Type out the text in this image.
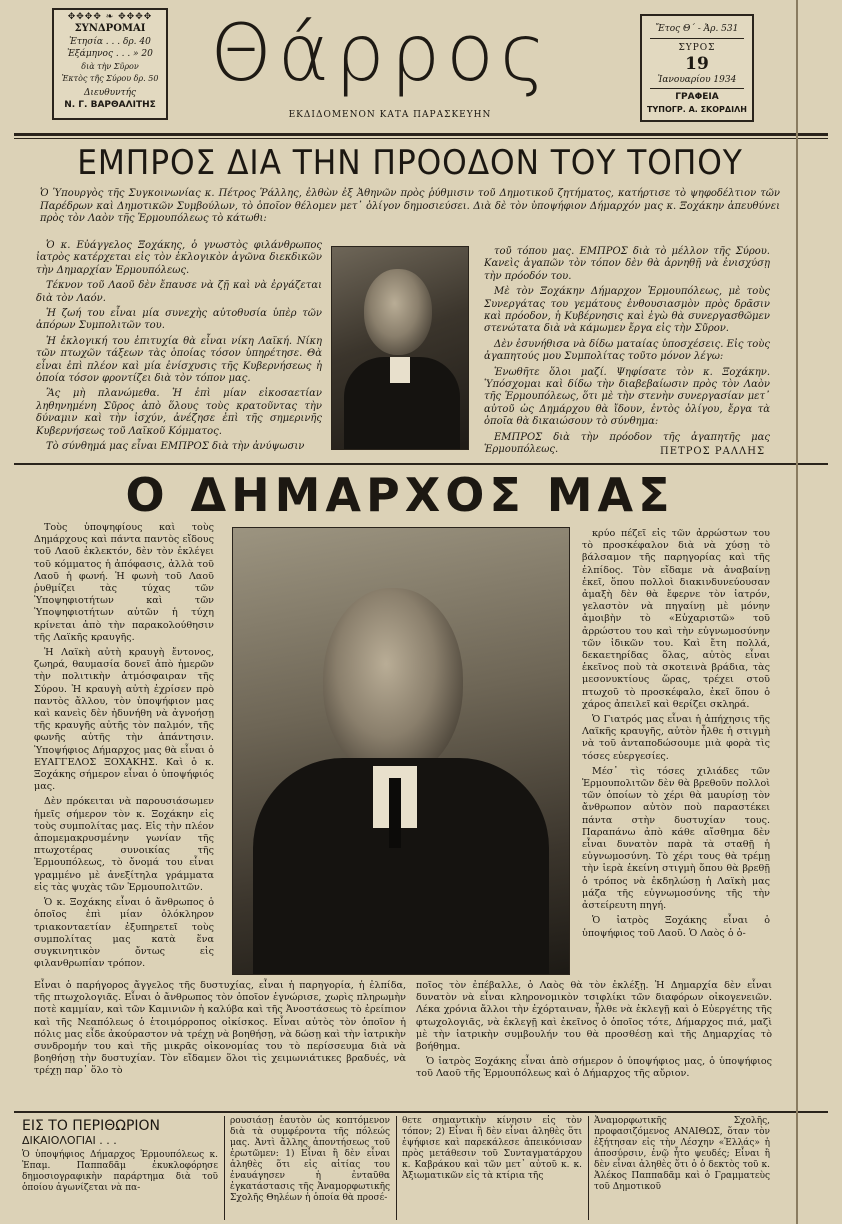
✥✥✥✥ ❧ ✥✥✥✥
ΣΥΝΔΡΟΜΑΙ
Ἐτησία . . . δρ. 40
Ἐξάμηνος . . . » 20
διὰ τὴν Σῦρον
Ἐκτὸς τῆς Σύρου δρ. 50
Διευθυντής
Ν. Γ. ΒΑΡΘΑΛΙΤΗΣ
Θάρρος
ΕΚΔΙΔΟΜΕΝΟΝ ΚΑΤΑ ΠΑΡΑΣΚΕΥΗΝ
Ἔτος Θ΄ - Ἀρ. 531
ΣΥΡΟΣ
19
Ἰανουαρίου 1934
ΓΡΑΦΕΙΑ
ΤΥΠΟΓΡ. Α. ΣΚΟΡΔΙΛΗ
ΕΜΠΡΟΣ ΔΙΑ ΤΗΝ ΠΡΟΟΔΟΝ ΤΟΥ ΤΟΠΟΥ
Ὁ Ὑπουργὸς τῆς Συγκοινωνίας κ. Πέτρος Ῥάλλης, ἐλθὼν ἐξ Ἀθηνῶν πρὸς ῥύθμισιν τοῦ Δημοτικοῦ ζητήματος, κατήρτισε τὸ ψηφοδέλτιον τῶν Παρέδρων καὶ Δημοτικῶν Συμβούλων, τὸ ὁποῖον θέλομεν μετ᾽ ὀλίγον δημοσιεύσει. Διὰ δὲ τὸν ὑποψήφιον Δήμαρχόν μας κ. Ξοχάκην ἀπευθύνει πρὸς τὸν Λαὸν τῆς Ἑρμουπόλεως τὸ κάτωθι:

Ὁ κ. Εὐάγγελος Ξοχάκης, ὁ γνωστὸς φιλάνθρωπος ἰατρὸς κατέρχεται εἰς τὸν ἐκλογικὸν ἀγῶνα διεκδικῶν τὴν Δημαρχίαν Ἑρμουπόλεως.

Τέκνον τοῦ Λαοῦ δὲν ἔπαυσε νὰ ζῇ καὶ νὰ ἐργάζεται διὰ τὸν Λαόν.

Ἡ ζωή του εἶναι μία συνεχὴς αὐτοθυσία ὑπὲρ τῶν ἀπόρων Συμπολιτῶν του.

Ἡ ἐκλογική του ἐπιτυχία θὰ εἶναι νίκη Λαϊκή. Νίκη τῶν πτωχῶν τάξεων τὰς ὁποίας τόσον ὑπηρέτησε. Θὰ εἶναι ἐπὶ πλέον καὶ μία ἐνίσχυσις τῆς Κυβερνήσεως ἡ ὁποία τόσον φροντίζει διὰ τὸν τόπον μας.

Ἂς μὴ πλανώμεθα. Ἡ ἐπὶ μίαν εἰκοσαετίαν ληθηνημένη Σῦρος ἀπὸ ὅλους τοὺς κρατοῦντας τὴν δύναμιν καὶ τὴν ἰσχύν, ἀνέζησε ἐπὶ τῆς σημερινῆς Κυβερνήσεως τοῦ Λαϊκοῦ Κόμματος.

Τὸ σύνθημά μας εἶναι ΕΜΠΡΟΣ διὰ τὴν ἀνύψωσιν

τοῦ τόπου μας. ΕΜΠΡΟΣ διὰ τὸ μέλλον τῆς Σύρου. Κανεὶς ἀγαπῶν τὸν τόπον δὲν θὰ ἀρνηθῇ νὰ ἐνισχύσῃ τὴν πρόοδόν του.

Μὲ τὸν Ξοχάκην Δήμαρχον Ἑρμουπόλεως, μὲ τοὺς Συνεργάτας του γεμάτους ἐνθουσιασμὸν πρὸς δρᾶσιν καὶ πρόοδον, ἡ Κυβέρνησις καὶ ἐγὼ θὰ συνεργασθῶμεν στενώτατα διὰ νὰ κάμωμεν ἔργα εἰς τὴν Σῦρον.

Δὲν ἐσυνήθισα νὰ δίδω ματαίας ὑποσχέσεις. Εἰς τοὺς ἀγαπητούς μου Συμπολίτας τοῦτο μόνον λέγω:

Ἑνωθῆτε ὅλοι μαζί. Ψηφίσατε τὸν κ. Ξοχάκην. Ὑπόσχομαι καὶ δίδω τὴν διαβεβαίωσιν πρὸς τὸν Λαὸν τῆς Ἑρμουπόλεως, ὅτι μὲ τὴν στενὴν συνεργασίαν μετ᾽ αὐτοῦ ὡς Δημάρχου θὰ ἴδουν, ἐντὸς ὀλίγου, ἔργα τὰ ὁποῖα θὰ δικαιώσουν τὸ σύνθημα:

ΕΜΠΡΟΣ διὰ τὴν πρόοδον τῆς ἀγαπητῆς μας Ἑρμουπόλεως.	ΠΕΤΡΟΣ ΡΑΛΛΗΣ
Ο ΔΗΜΑΡΧΟΣ ΜΑΣ

Τοὺς ὑποψηφίους καὶ τοὺς Δημάρχους καὶ πάντα παντὸς εἴδους τοῦ Λαοῦ ἐκλεκτόν, δὲν τὸν ἐκλέγει τοῦ κόμματος ἡ ἀπόφασις, ἀλλὰ τοῦ Λαοῦ ἡ φωνή. Ἡ φωνὴ τοῦ Λαοῦ ῥυθμίζει τὰς τύχας τῶν Ὑποψηφιοτήτων καὶ τῶν Ὑποψηφιοτήτων αὐτῶν ἡ τύχη κρίνεται ἀπὸ τὴν παρακολούθησιν τῆς Λαϊκῆς κραυγῆς.

Ἡ Λαϊκὴ αὐτὴ κραυγὴ ἔντονος, ζωηρά, θαυμασία δονεῖ ἀπὸ ἡμερῶν τὴν πολιτικὴν ἀτμόσφαιραν τῆς Σύρου. Ἡ κραυγὴ αὐτὴ ἐχρίσεν πρὸ παντὸς ἄλλου, τὸν ὑποψήφιον μας καὶ κανεὶς δὲν ἠδυνήθη νὰ ἀγνοήσῃ τῆς κραυγῆς αὐτῆς τὸν παλμόν, τῆς φωνῆς αὐτῆς τὴν ἀπάντησιν. Ὑποψήφιος Δήμαρχος μας θὰ εἶναι ὁ ΕΥΑΓΓΕΛΟΣ ΞΟΧΑΚΗΣ. Καὶ ὁ κ. Ξοχάκης σήμερον εἶναι ὁ ὑποψήφιός μας.

Δὲν πρόκειται νὰ παρουσιάσωμεν ἡμεῖς σήμερον τὸν κ. Ξοχάκην εἰς τοὺς συμπολίτας μας. Εἰς τὴν πλέον ἀπομεμακρυσμένην γωνίαν τῆς πτωχοτέρας συνοικίας τῆς Ἑρμουπόλεως, τὸ ὄνομά του εἶναι γραμμένο μὲ ἀνεξίτηλα γράμματα εἰς τὰς ψυχὰς τῶν Ἑρμουπολιτῶν.

Ὁ κ. Ξοχάκης εἶναι ὁ ἄνθρωπος ὁ ὁποῖος ἐπὶ μίαν ὁλόκληρον τριακονταετίαν ἐξυπηρετεῖ τοὺς συμπολίτας μας κατὰ ἕνα συγκινητικὸν ὄντως εἰς φιλανθρωπίαν τρόπον.

κρύο πέζεῖ εἰς τῶν ἀρρώστων του τὸ προσκέφαλον διὰ νὰ χύσῃ τὸ βάλσαμον τῆς παρηγορίας καὶ τῆς ἐλπίδος. Τὸν εἴδαμε νὰ ἀναβαίνῃ ἐκεῖ, ὅπου πολλοὶ διακινδυνεύουσαν ἀμαξὴ δὲν θὰ ἔφερνε τὸν ἰατρόν, γελαστὸν νὰ πηγαίνῃ μὲ μόνην ἀμοιβὴν τὸ «Εὐχαριστῶ» τοῦ ἀρρώστου του καὶ τὴν εὐγνωμοσύνην τῶν ἰδικῶν του. Καὶ ἔτη πολλά, δεκαετηρίδας ὅλας, αὐτὸς εἶναι ἐκεῖνος ποὺ τὰ σκοτεινὰ βράδια, τὰς μεσονυκτίους ὥρας, τρέχει στοῦ πτωχοῦ τὸ προσκέφαλο, ἐκεῖ ὅπου ὁ χάρος ἀπειλεῖ καὶ θερίζει σκληρά.

Ὁ Γιατρός μας εἶναι ἡ ἀπήχησις τῆς Λαϊκῆς κραυγῆς, αὐτὸν ἦλθε ἡ στιγμὴ νὰ τοῦ ἀνταποδώσουμε μιὰ φορὰ τὶς τόσες εὐεργεσίες.

Μέσ᾽ τὶς τόσες χιλιάδες τῶν Ἑρμουπολιτῶν δὲν θὰ βρεθοῦν πολλοὶ τῶν ὁποίων τὸ χέρι θὰ μαυρίσῃ τὸν ἄνθρωπον αὐτὸν ποὺ παραστέκει πάντα στὴν δυστυχίαν τους. Παραπάνω ἀπὸ κάθε αἴσθημα δὲν εἶναι δυνατὸν παρὰ τὰ σταθῇ ἡ εὐγνωμοσύνη. Τὸ χέρι τους θὰ τρέμῃ τὴν ἱερὰ ἐκείνη στιγμὴ ὅπου θὰ βρεθῇ ὁ τρόπος νὰ ἐκδηλώσῃ ἡ Λαϊκὴ μας μάζα τῆς εὐγνωμοσύνης τῆς τὴν ἀστείρευτη πηγή.

Ὁ ἰατρὸς Ξοχάκης εἶναι ὁ ὑποψήφιος τοῦ Λαοῦ. Ὁ Λαὸς ὁ ὁ-

Εἶναι ὁ παρήγορος ἄγγελος τῆς δυστυχίας, εἶναι ἡ παρηγορία, ἡ ἐλπίδα, τῆς πτωχολογιᾶς. Εἶναι ὁ ἄνθρωπος τὸν ὁποῖον ἐγνώρισε, χωρὶς πληρωμὴν ποτὲ καμμίαν, καὶ τῶν Καμινιῶν ἡ καλύβα καὶ τῆς Ἀνοστάσεως τὸ ἐρείπιον καὶ τῆς Νεαπόλεως ὁ ἑτοιμόρροπος οἰκίσκος. Εἶναι αὐτὸς τὸν ὁποῖον ἡ πόλις μας εἶδε ἀκούραστον νὰ τρέχῃ νὰ βοηθήσῃ, νὰ δώσῃ καὶ τὴν ἰατρικὴν συνδρομήν του καὶ τῆς μικρᾶς οἰκονομίας του τὸ περίσσευμα διὰ νὰ βοηθήσῃ τὴν δυστυχίαν. Τὸν εἴδαμεν ὅλοι τὶς χειμωνιάτικες βραδυές, νὰ τρέχῃ παρ᾽ ὅλο τὸ

ποῖος τὸν ἐπέβαλλε, ὁ Λαὸς θὰ τὸν ἐκλέξῃ. Ἡ Δημαρχία δὲν εἶναι δυνατὸν νὰ εἶναι κληρονομικὸν τσιφλίκι τῶν διαφόρων οἰκογενειῶν. Λέκα χρόνια ἄλλοι τὴν ἐχόρταιναν, ἦλθε νὰ ἐκλεγῇ καὶ ὁ Εὐεργέτης τῆς φτωχολογιᾶς, νὰ ἐκλεγῇ καὶ ἐκεῖνος ὁ ὁποῖος τότε, Δήμαρχος πιά, μαζὶ μὲ τὴν ἰατρικὴν συμβουλήν του θὰ προσθέσῃ καὶ τῆς Δημαρχίας τὸ βοήθημα.

Ὁ ἰατρὸς Ξοχάκης εἶναι ἀπὸ σήμερον ὁ ὑποψήφιος μας, ὁ ὑποψήφιος τοῦ Λαοῦ τῆς Ἑρμουπόλεως καὶ ὁ Δήμαρχος τῆς αὔριον.

ΕΙΣ ΤΟ ΠΕΡΙΘΩΡΙΟΝ
ΔΙΚΑΙΟΛΟΓΙΑΙ . . .
Ὁ ὑποψήφιος Δήμαρχος Ἑρμουπόλεως κ. Ἐπαμ. Παππαδᾶμ ἐκυκλοφόρησε δημοσιογραφικὴν παράρτημα διὰ τοῦ ὁποίου ἀγωνίζεται νὰ πα-
ρουσιάσῃ ἑαυτὸν ὡς κοπτόμενον διὰ τὰ συμφέροντα τῆς πόλεώς μας. Ἀντὶ ἄλλης ἀποντήσεως τοῦ ἐρωτῶμεν: 1) Εἶναι ἢ δὲν εἶναι ἀληθὲς ὅτι εἰς αἰτίας του ἐναυάγησεν ἡ ἐνταῦθα ἐγκατάστασις τῆς Ἀναμορφωτικῆς Σχολῆς Θηλέων ἡ ὁποία θὰ προσέ-
θετε σημαντικὴν κίνησιν εἰς τὸν τόπον; 2) Εἶναι ἢ δὲν εἶναι ἀληθὲς ὅτι ἐψήφισε καὶ παρεκάλεσε ἀπεικόνισαν πρὸς μετάθεσιν τοῦ Συνταγματάρχου κ. Καβράκου καὶ τῶν μετ᾽ αὐτοῦ κ. κ. Ἀξιωματικῶν εἰς τὰ κτίρια τῆς
Ἀναμορφωτικῆς Σχολῆς, προφασιζόμενος ΑΝΑΙΘΩΣ, ὅταν τὸν ἐξήτησαν εἰς τὴν Λέσχην «Ἑλλάς» ἡ ἀποσύρσιν, ἐνῷ ἦτο ψευδές; Εἶναι ἢ δὲν εἶναι ἀληθὲς ὅτι ὁ ὁ δεκτὸς τοῦ κ. Ἀλέκος Παππαδᾶμ καὶ ὁ Γραμματεὺς τοῦ Δημοτικοῦ
